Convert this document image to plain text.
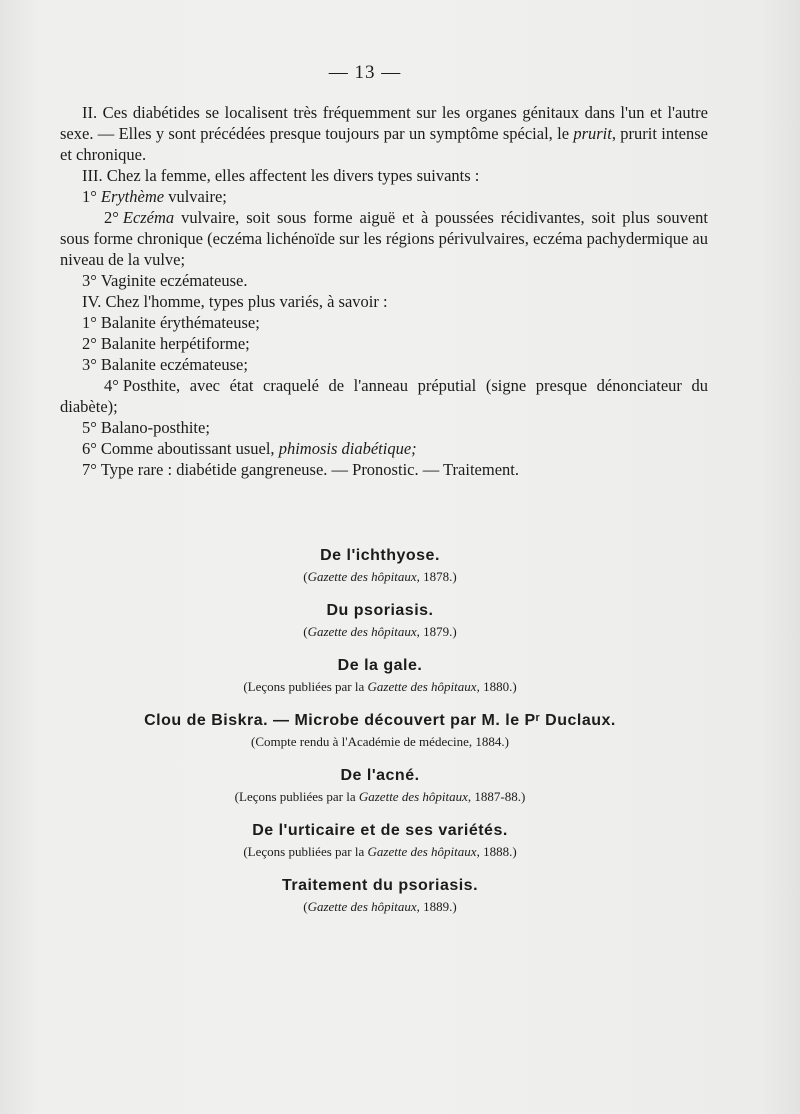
— 13 —

II. Ces diabétides se localisent très fréquemment sur les organes génitaux dans l'un et l'autre sexe. — Elles y sont précédées presque toujours par un symptôme spécial, le prurit, prurit intense et chronique.

III. Chez la femme, elles affectent les divers types suivants :

1° Erythème vulvaire;

2° Eczéma vulvaire, soit sous forme aiguë et à poussées récidivantes, soit plus souvent sous forme chronique (eczéma lichénoïde sur les régions périvulvaires, eczéma pachydermique au niveau de la vulve;

3° Vaginite eczémateuse.

IV. Chez l'homme, types plus variés, à savoir :

1° Balanite érythémateuse;

2° Balanite herpétiforme;

3° Balanite eczémateuse;

4° Posthite, avec état craquelé de l'anneau préputial (signe presque dénonciateur du diabète);

5° Balano-posthite;

6° Comme aboutissant usuel, phimosis diabétique;

7° Type rare : diabétide gangreneuse. — Pronostic. — Traitement.

De l'ichthyose.
(Gazette des hôpitaux, 1878.)
Du psoriasis.
(Gazette des hôpitaux, 1879.)
De la gale.
(Leçons publiées par la Gazette des hôpitaux, 1880.)
Clou de Biskra. — Microbe découvert par M. le Pʳ Duclaux.
(Compte rendu à l'Académie de médecine, 1884.)
De l'acné.
(Leçons publiées par la Gazette des hôpitaux, 1887-88.)
De l'urticaire et de ses variétés.
(Leçons publiées par la Gazette des hôpitaux, 1888.)
Traitement du psoriasis.
(Gazette des hôpitaux, 1889.)
